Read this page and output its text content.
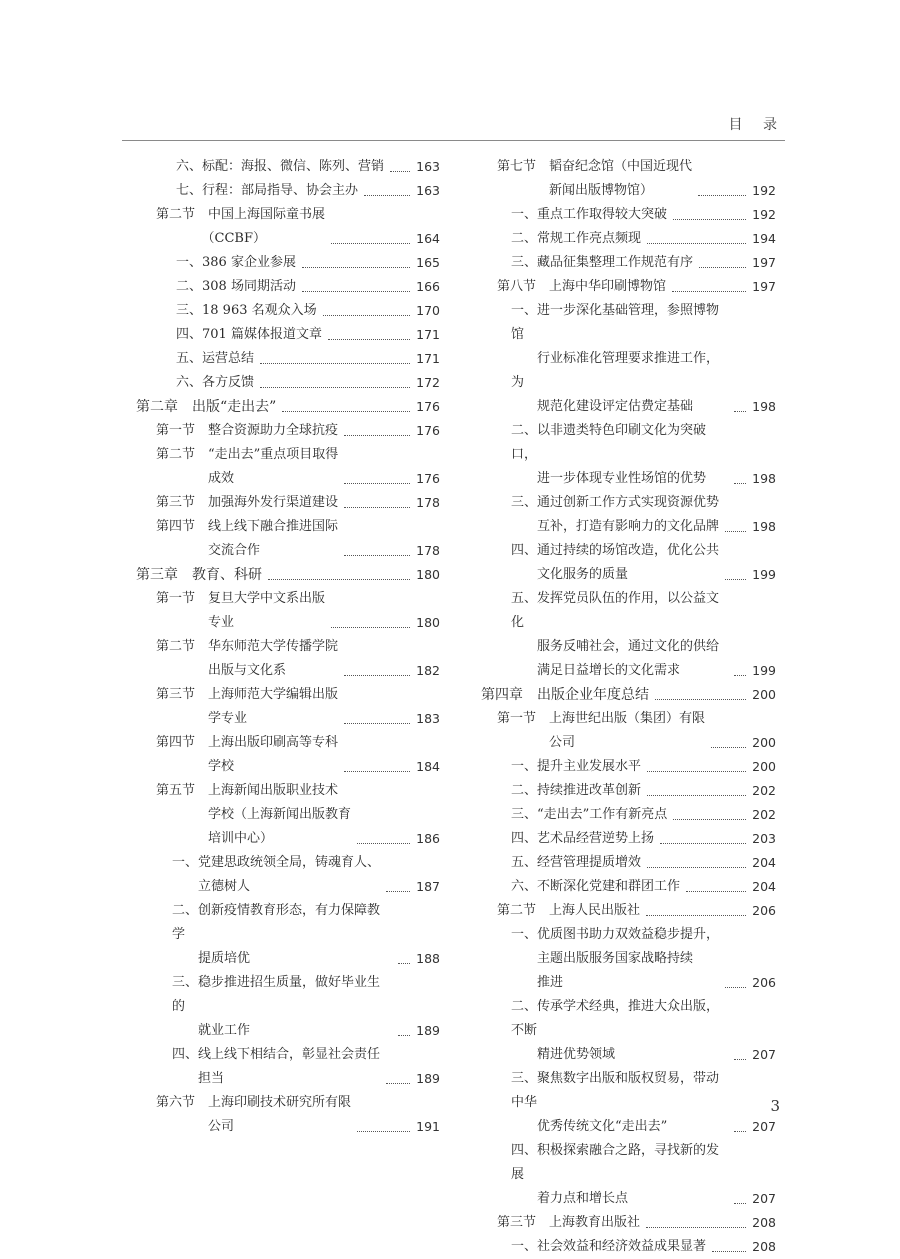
目 录
六、标配：海报、微信、陈列、营销	163
七、行程：部局指导、协会主办	163
第二节　中国上海国际童书展
　　　　（CCBF）	164
一、386 家企业参展	165
二、308 场同期活动	166
三、18 963 名观众入场	170
四、701 篇媒体报道文章	171
五、运营总结	171
六、各方反馈	172
第二章　出版“走出去”	176
第一节　整合资源助力全球抗疫	176
第二节　“走出去”重点项目取得
　　　　成效	176
第三节　加强海外发行渠道建设	178
第四节　线上线下融合推进国际
　　　　交流合作	178
第三章　教育、科研	180
第一节　复旦大学中文系出版
　　　　专业	180
第二节　华东师范大学传播学院
　　　　出版与文化系	182
第三节　上海师范大学编辑出版
　　　　学专业	183
第四节　上海出版印刷高等专科
　　　　学校	184
第五节　上海新闻出版职业技术
　　　　学校（上海新闻出版教育
　　　　培训中心）	186
一、党建思政统领全局，铸魂育人、
　　立德树人	187
二、创新疫情教育形态，有力保障教学
　　提质培优	188
三、稳步推进招生质量，做好毕业生的
　　就业工作	189
四、线上线下相结合，彰显社会责任
　　担当	189
第六节　上海印刷技术研究所有限
　　　　公司	191
第七节　韬奋纪念馆（中国近现代
　　　　新闻出版博物馆）	192
一、重点工作取得较大突破	192
二、常规工作亮点频现	194
三、藏品征集整理工作规范有序	197
第八节　上海中华印刷博物馆	197
一、进一步深化基础管理，参照博物馆
　　行业标准化管理要求推进工作，为
　　规范化建设评定估费定基础	198
二、以非遗类特色印刷文化为突破口，
　　进一步体现专业性场馆的优势	198
三、通过创新工作方式实现资源优势
　　互补，打造有影响力的文化品牌	198
四、通过持续的场馆改造，优化公共
　　文化服务的质量	199
五、发挥党员队伍的作用，以公益文化
　　服务反哺社会，通过文化的供给
　　满足日益增长的文化需求	199
第四章　出版企业年度总结	200
第一节　上海世纪出版（集团）有限
　　　　公司	200
一、提升主业发展水平	200
二、持续推进改革创新	202
三、“走出去”工作有新亮点	202
四、艺术品经营逆势上扬	203
五、经营管理提质增效	204
六、不断深化党建和群团工作	204
第二节　上海人民出版社	206
一、优质图书助力双效益稳步提升，
　　主题出版服务国家战略持续
　　推进	206
二、传承学术经典，推进大众出版，不断
　　精进优势领域	207
三、聚焦数字出版和版权贸易，带动中华
　　优秀传统文化“走出去”	207
四、积极探索融合之路，寻找新的发展
　　着力点和增长点	207
第三节　上海教育出版社	208
一、社会效益和经济效益成果显著	208
3
